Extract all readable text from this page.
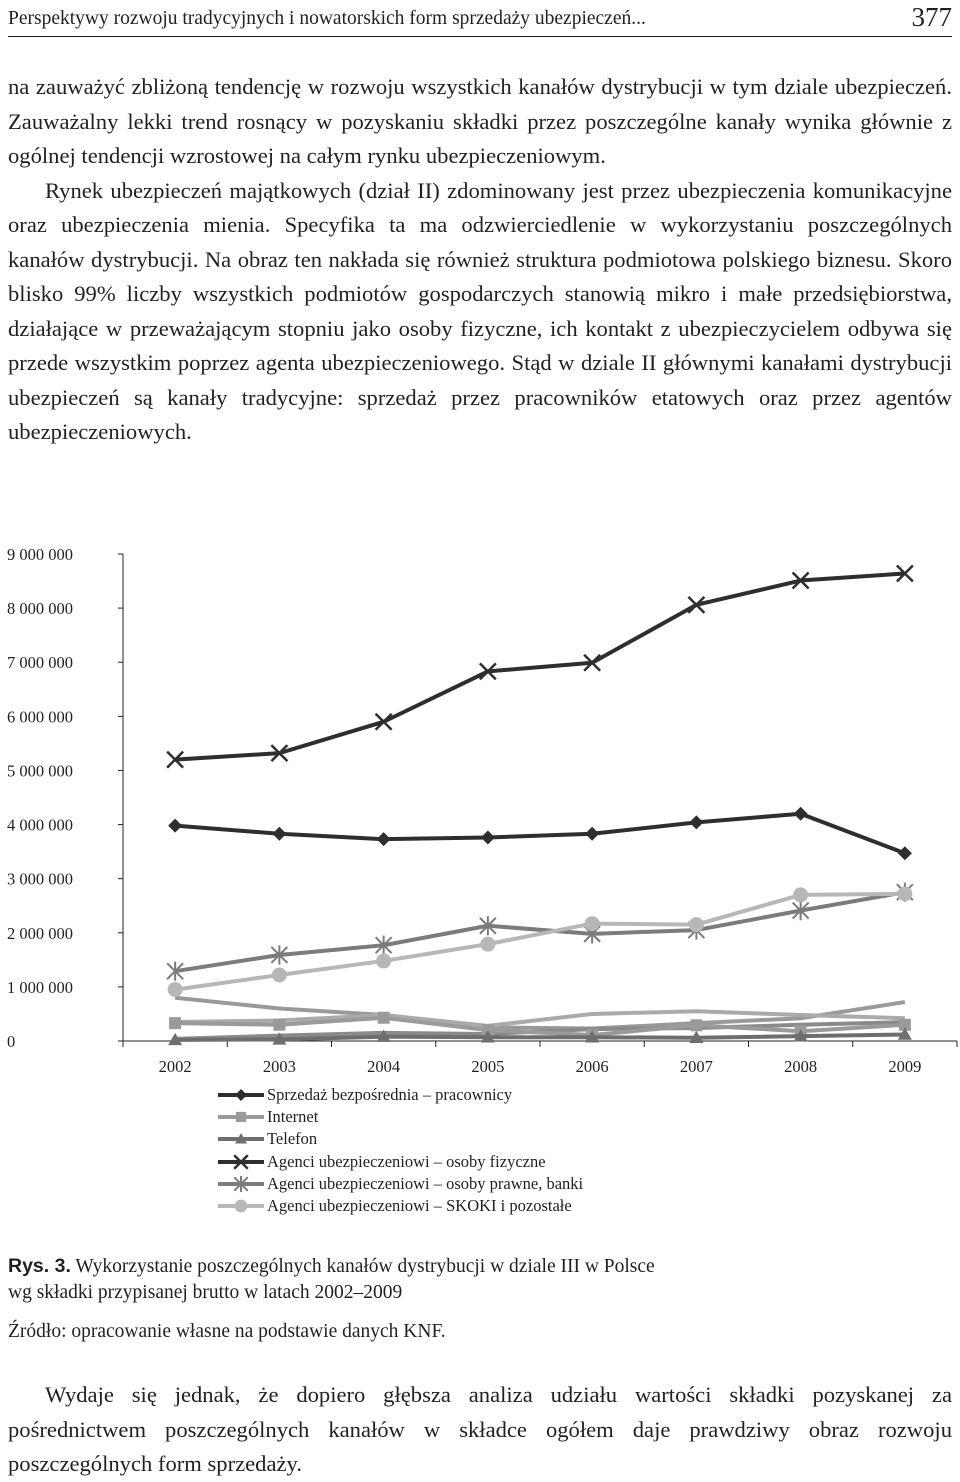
Perspektywy rozwoju tradycyjnych i nowatorskich form sprzedaży ubezpieczeń...	377

na zauważyć zbliżoną tendencję w rozwoju wszystkich kanałów dystrybucji w tym dziale ubezpieczeń. Zauważalny lekki trend rosnący w pozyskaniu składki przez poszczególne kanały wynika głównie z ogólnej tendencji wzrostowej na całym rynku ubezpieczeniowym.

Rynek ubezpieczeń majątkowych (dział II) zdominowany jest przez ubezpieczenia komunikacyjne oraz ubezpieczenia mienia. Specyfika ta ma odzwierciedlenie w wykorzystaniu poszczególnych kanałów dystrybucji. Na obraz ten nakłada się również struktura podmiotowa polskiego biznesu. Skoro blisko 99% liczby wszystkich podmiotów gospodarczych stanowią mikro i małe przedsiębiorstwa, działające w przeważającym stopniu jako osoby fizyczne, ich kontakt z ubezpieczycielem odbywa się przede wszystkim poprzez agenta ubezpieczeniowego. Stąd w dziale II głównymi kanałami dystrybucji ubezpieczeń są kanały tradycyjne: sprzedaż przez pracowników etatowych oraz przez agentów ubezpieczeniowych.

0
1 000 000
2 000 000
3 000 000
4 000 000
5 000 000
6 000 000
7 000 000
8 000 000
9 000 000
2002	2003	2004	2005	2006	2007	2008	2009
Sprzedaż bezpośrednia – pracownicy
Internet
Telefon
Agenci ubezpieczeniowi – osoby fizyczne
Agenci ubezpieczeniowi – osoby prawne, banki
Agenci ubezpieczeniowi – SKOKI i pozostałe
Rys. 3. Wykorzystanie poszczególnych kanałów dystrybucji w dziale III w Polsce
wg składki przypisanej brutto w latach 2002–2009
Źródło: opracowanie własne na podstawie danych KNF.
Wydaje się jednak, że dopiero głębsza analiza udziału wartości składki pozyskanej za pośrednictwem poszczególnych kanałów w składce ogółem daje prawdziwy obraz rozwoju poszczególnych form sprzedaży.
